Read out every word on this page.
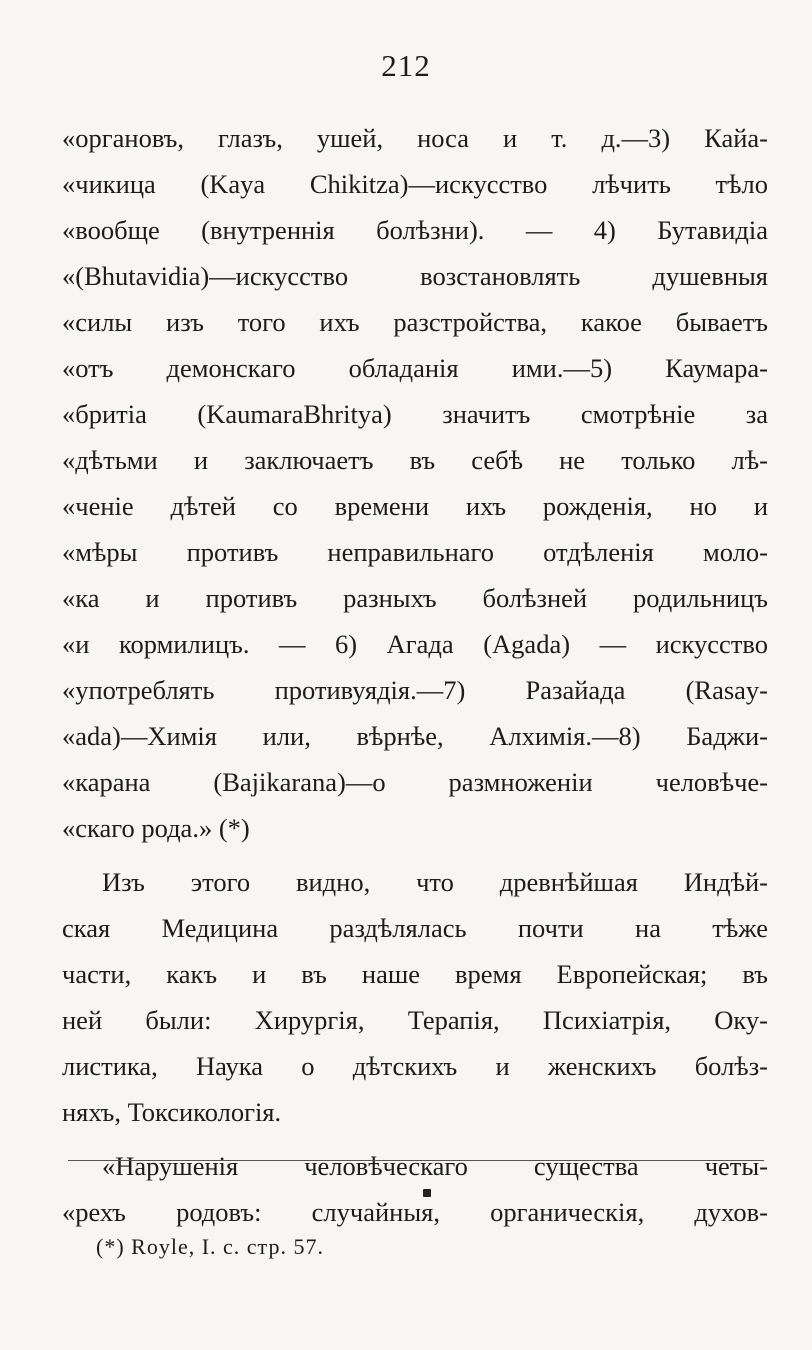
212
«органовъ, глазъ, ушей, носа и т. д.—3) Кайа-
«чикица (Kaya Chikitza)—искусство лѣчить тѣло
«вообще (внутреннія болѣзни). — 4) Бутавидіа
«(Bhutavidia)—искусство возстановлять душевныя
«силы изъ того ихъ разстройства, какое бываетъ
«отъ демонскаго обладанія ими.—5) Каумара-
«бритіа (KaumaraBhritya) значитъ смотрѣніе за
«дѣтьми и заключаетъ въ себѣ не только лѣ-
«ченіе дѣтей со времени ихъ рожденія, но и
«мѣры противъ неправильнаго отдѣленія моло-
«ка и противъ разныхъ болѣзней родильницъ
«и кормилицъ. — 6) Агада (Agada) — искусство
«употреблять противуядія.—7) Разайада (Rasay-
«ada)—Химія или, вѣрнѣе, Алхимія.—8) Баджи-
«карана (Bajikarana)—о размноженіи человѣче-
«скаго рода.» (*)
Изъ этого видно, что древнѣйшая Индѣй-
ская Медицина раздѣлялась почти на тѣже
части, какъ и въ наше время Европейская; въ
ней были: Хирургія, Терапія, Психіатрія, Оку-
листика, Наука о дѣтскихъ и женскихъ болѣз-
няхъ, Токсикологія.
«Нарушенія человѣческаго существа четы-
«рехъ родовъ: случайныя, органическія, духов-
(*) Royle, I. c. стр. 57.
